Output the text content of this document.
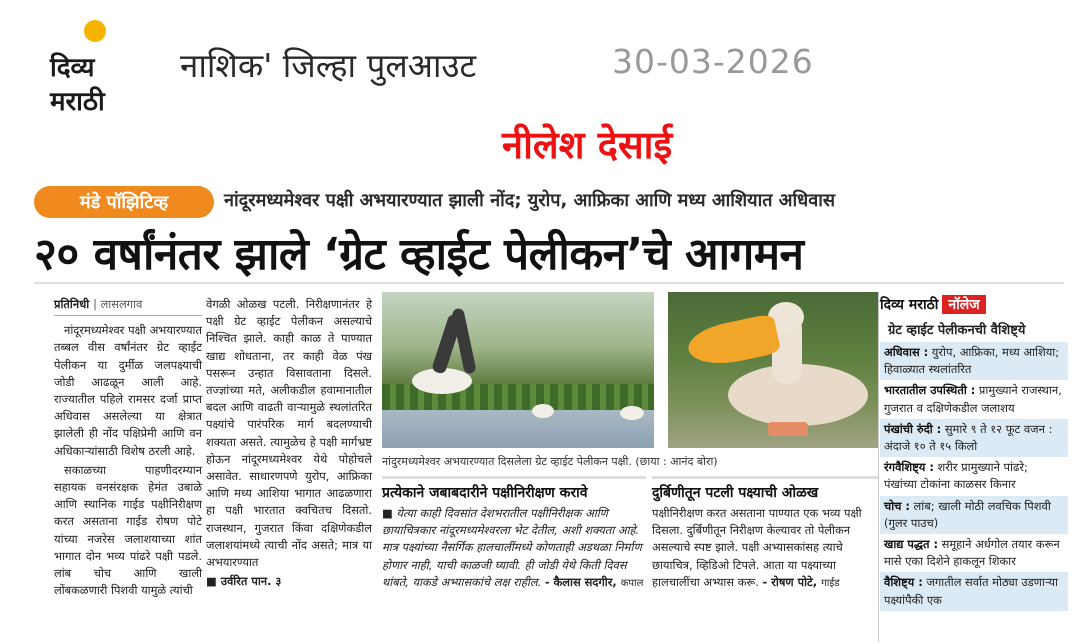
दिव्य
मराठी
नाशिक' जिल्हा पुलआउट	30-03-2026
नीलेश देसाई
मंडे पॉझिटिव्ह	नांदूरमध्यमेश्वर पक्षी अभयारण्यात झाली नोंद; युरोप, आफ्रिका आणि मध्य आशियात अधिवास
२० वर्षांनंतर झाले ‘ग्रेट व्हाईट पेलीकन’चे आगमन
प्रतिनिधी | लासलगाव

नांदूरमध्यमेश्वर पक्षी अभयारण्यात तब्बल वीस वर्षांनंतर ग्रेट व्हाईट पेलीकन या दुर्मीळ जलपक्ष्याची जोडी आढळून आली आहे. राज्यातील पहिले रामसर दर्जा प्राप्त अधिवास असलेल्या या क्षेत्रात झालेली ही नोंद पक्षिप्रेमी आणि वन अधिकाऱ्यांसाठी विशेष ठरली आहे.

सकाळच्या पाहणीदरम्यान सहायक वनसंरक्षक हेमंत उबाळे आणि स्थानिक गाईड पक्षीनिरीक्षण करत असताना गाईड रोषण पोटे यांच्या नजरेस जलाशयाच्या शांत भागात दोन भव्य पांढरे पक्षी पडले. लांब चोच आणि खाली लोंबकळणारी पिशवी यामुळे त्यांची

वेगळी ओळख पटली. निरीक्षणानंतर हे पक्षी ग्रेट व्हाईट पेलीकन असल्याचे निश्चित झाले. काही काळ ते पाण्यात खाद्य शोधताना, तर काही वेळ पंख पसरून उन्हात विसावताना दिसले. तज्ज्ञांच्या मते, अलीकडील हवामानातील बदल आणि वाढती वाऱ्यामुळे स्थलांतरित पक्ष्यांचे पारंपरिक मार्ग बदलण्याची शक्यता असते. त्यामुळेच हे पक्षी मार्गभ्रष्ट होऊन नांदूरमध्यमेश्वर येथे पोहोचले असावेत. साधारणपणे युरोप, आफ्रिका आणि मध्य आशिया भागात आढळणारा हा पक्षी भारतात क्वचितच दिसतो. राजस्थान, गुजरात किंवा दक्षिणेकडील जलाशयांमध्ये त्याची नोंद असते; मात्र या अभयारण्यात

■ उर्वरित पान. ३

नांदुरमध्यमेश्वर अभयारण्यात दिसलेला ग्रेट व्हाईट पेलीकन पक्षी. (छाया : आनंद बोरा)
प्रत्येकाने जबाबदारीने पक्षीनिरीक्षण करावे
■ येत्या काही दिवसांत देशभरातील पक्षीनिरीक्षक आणि छायाचित्रकार नांदूरमध्यमेश्वरला भेट देतील, अशी शक्यता आहे. मात्र पक्ष्यांच्या नैसर्गिक हालचालींमध्ये कोणताही अडथळा निर्माण होणार नाही, याची काळजी घ्यावी. ही जोडी येथे किती दिवस थांबते, याकडे अभ्यासकांचे लक्ष राहील. - कैलास सदगीर, कपाल
दुर्बिणीतून पटली पक्ष्याची ओळख
पक्षीनिरीक्षण करत असताना पाण्यात एक भव्य पक्षी दिसला. दुर्बिणीतून निरीक्षण केल्यावर तो पेलीकन असल्याचे स्पष्ट झाले. पक्षी अभ्यासकांसह त्याचे छायाचित्र, व्हिडिओ टिपले. आता या पक्ष्याच्या हालचालींचा अभ्यास करू. - रोषण पोटे, गाईड
दिव्य मराठी नॉलेज
ग्रेट व्हाईट पेलीकनची वैशिष्ट्ये
अधिवास : युरोप, आफ्रिका, मध्य आशिया; हिवाळ्यात स्थलांतरित
भारतातील उपस्थिती : प्रामुख्याने राजस्थान, गुजरात व दक्षिणेकडील जलाशय
पंखांची रुंदी : सुमारे ९ ते १२ फूट वजन : अंदाजे १० ते १५ किलो
रंगवैशिष्ट्य : शरीर प्रामुख्याने पांढरे; पंखांच्या टोकांना काळसर किनार
चोच : लांब; खाली मोठी लवचिक पिशवी (गुलर पाउच)
खाद्य पद्धत : समूहाने अर्धगोल तयार करून मासे एका दिशेने हाकलून शिकार
वैशिष्ट्य : जगातील सर्वात मोठ्या उडणाऱ्या पक्ष्यांपैकी एक
